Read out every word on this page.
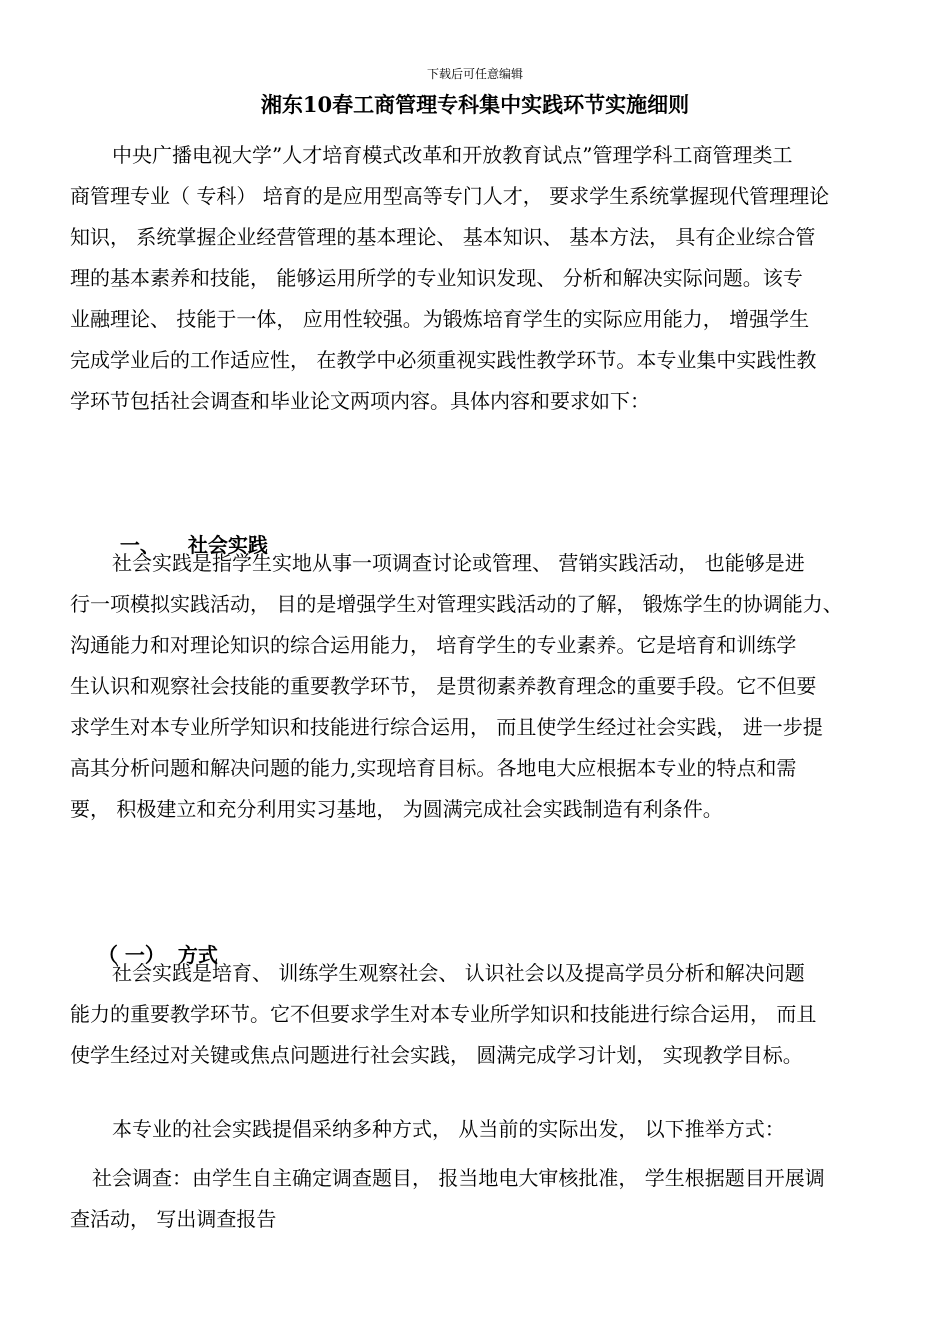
下载后可任意编辑
湘东10春工商管理专科集中实践环节实施细则
中央广播电视大学”人才培育模式改革和开放教育试点”管理学科工商管理类工
商管理专业（ 专科） 培育的是应用型高等专门人才， 要求学生系统掌握现代管理理论
知识， 系统掌握企业经营管理的基本理论、 基本知识、 基本方法， 具有企业综合管
理的基本素养和技能， 能够运用所学的专业知识发现、 分析和解决实际问题。该专
业融理论、 技能于一体， 应用性较强。为锻炼培育学生的实际应用能力， 增强学生
完成学业后的工作适应性， 在教学中必须重视实践性教学环节。本专业集中实践性教
学环节包括社会调查和毕业论文两项内容。具体内容和要求如下：

一、
	社会实践

社会实践是指学生实地从事一项调查讨论或管理、 营销实践活动， 也能够是进
行一项模拟实践活动， 目的是增强学生对管理实践活动的了解， 锻炼学生的协调能力、
沟通能力和对理论知识的综合运用能力， 培育学生的专业素养。它是培育和训练学
生认识和观察社会技能的重要教学环节， 是贯彻素养教育理念的重要手段。它不但要
求学生对本专业所学知识和技能进行综合运用， 而且使学生经过社会实践， 进一步提
高其分析问题和解决问题的能力,实现培育目标。各地电大应根据本专业的特点和需
要， 积极建立和充分利用实习基地， 为圆满完成社会实践制造有利条件。

（ 一）
方式

社会实践是培育、 训练学生观察社会、 认识社会以及提高学员分析和解决问题
能力的重要教学环节。它不但要求学生对本专业所学知识和技能进行综合运用， 而且
使学生经过对关键或焦点问题进行社会实践， 圆满完成学习计划， 实现教学目标。
本专业的社会实践提倡采纳多种方式， 从当前的实际出发， 以下推举方式：
社会调查：由学生自主确定调查题目， 报当地电大审核批准， 学生根据题目开展调
查活动， 写出调查报告
